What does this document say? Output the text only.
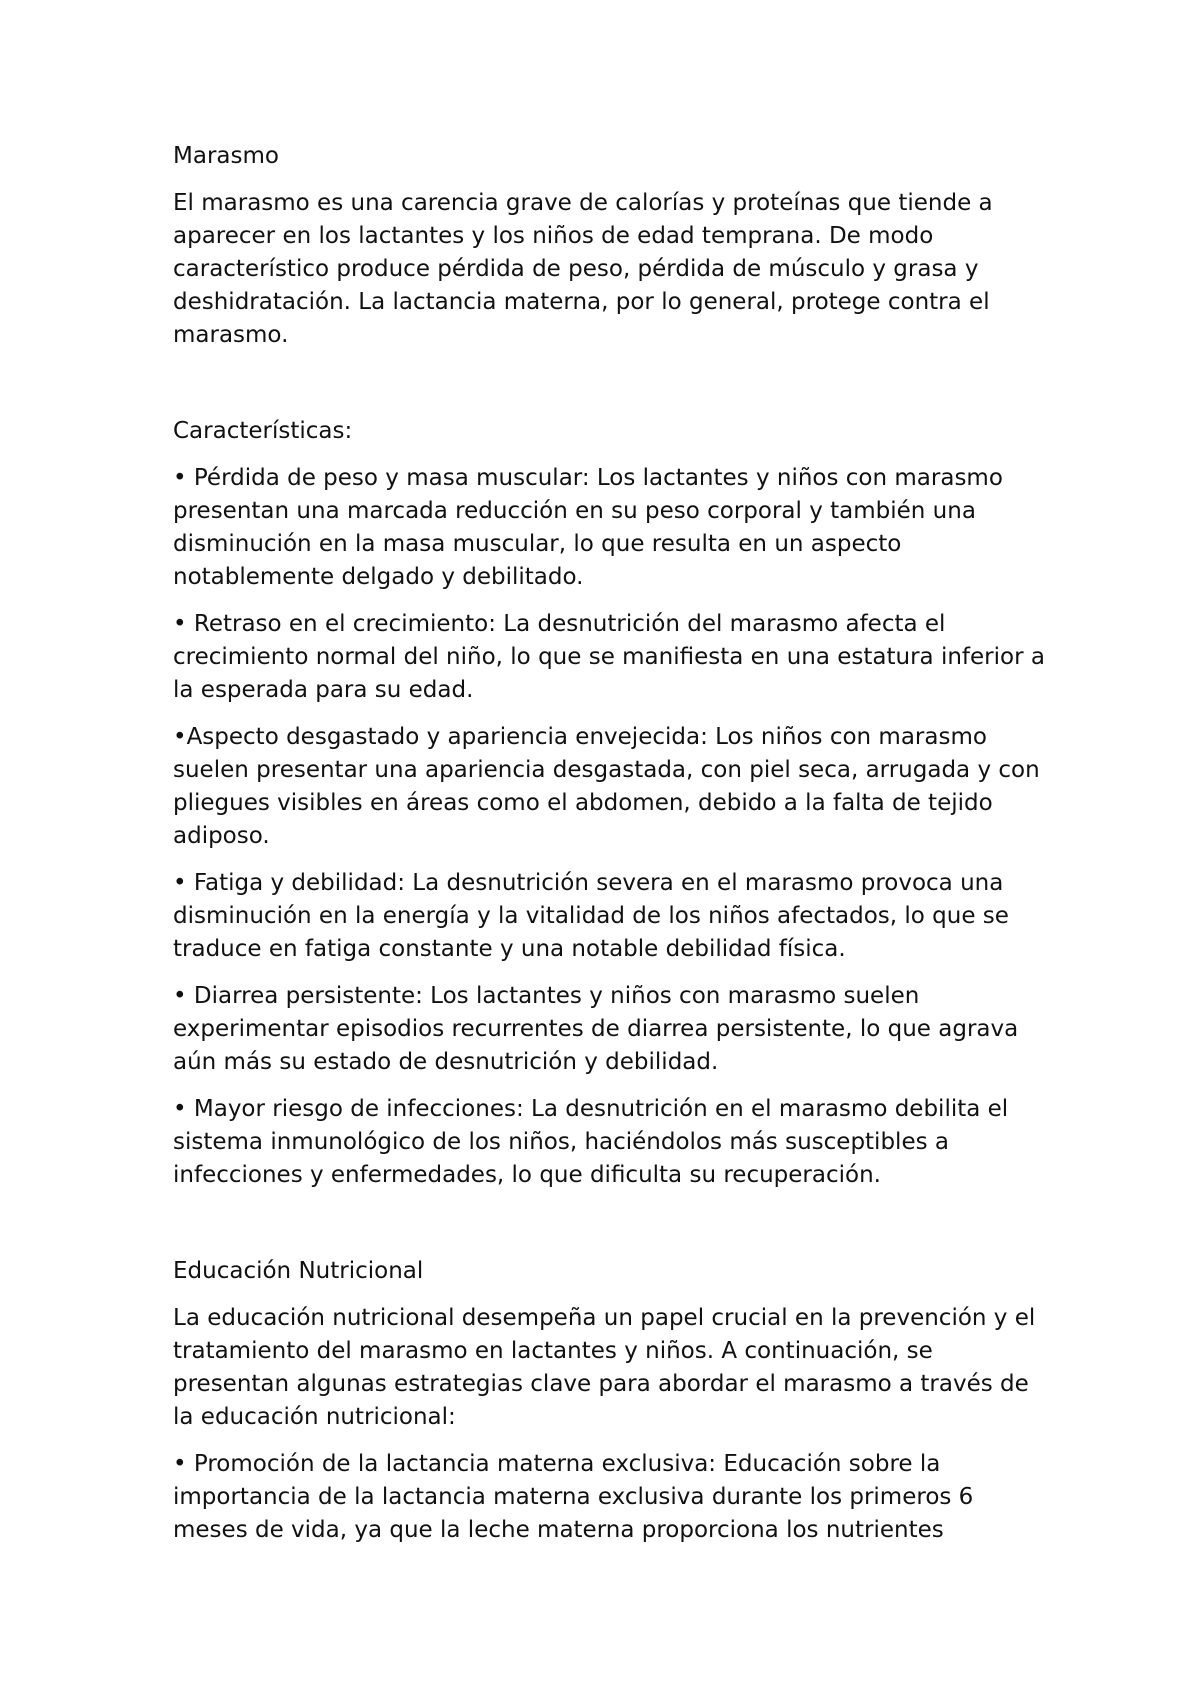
Marasmo

El marasmo es una carencia grave de calorías y proteínas que tiende a aparecer en los lactantes y los niños de edad temprana. De modo característico produce pérdida de peso, pérdida de músculo y grasa y deshidratación. La lactancia materna, por lo general, protege contra el marasmo.

Características:

• Pérdida de peso y masa muscular: Los lactantes y niños con marasmo presentan una marcada reducción en su peso corporal y también una disminución en la masa muscular, lo que resulta en un aspecto notablemente delgado y debilitado.

• Retraso en el crecimiento: La desnutrición del marasmo afecta el crecimiento normal del niño, lo que se manifiesta en una estatura inferior a la esperada para su edad.

•Aspecto desgastado y apariencia envejecida: Los niños con marasmo suelen presentar una apariencia desgastada, con piel seca, arrugada y con pliegues visibles en áreas como el abdomen, debido a la falta de tejido adiposo.

• Fatiga y debilidad: La desnutrición severa en el marasmo provoca una disminución en la energía y la vitalidad de los niños afectados, lo que se traduce en fatiga constante y una notable debilidad física.

• Diarrea persistente: Los lactantes y niños con marasmo suelen experimentar episodios recurrentes de diarrea persistente, lo que agrava aún más su estado de desnutrición y debilidad.

• Mayor riesgo de infecciones: La desnutrición en el marasmo debilita el sistema inmunológico de los niños, haciéndolos más susceptibles a infecciones y enfermedades, lo que dificulta su recuperación.

Educación Nutricional

La educación nutricional desempeña un papel crucial en la prevención y el tratamiento del marasmo en lactantes y niños. A continuación, se presentan algunas estrategias clave para abordar el marasmo a través de la educación nutricional:

• Promoción de la lactancia materna exclusiva: Educación sobre la importancia de la lactancia materna exclusiva durante los primeros 6 meses de vida, ya que la leche materna proporciona los nutrientes
